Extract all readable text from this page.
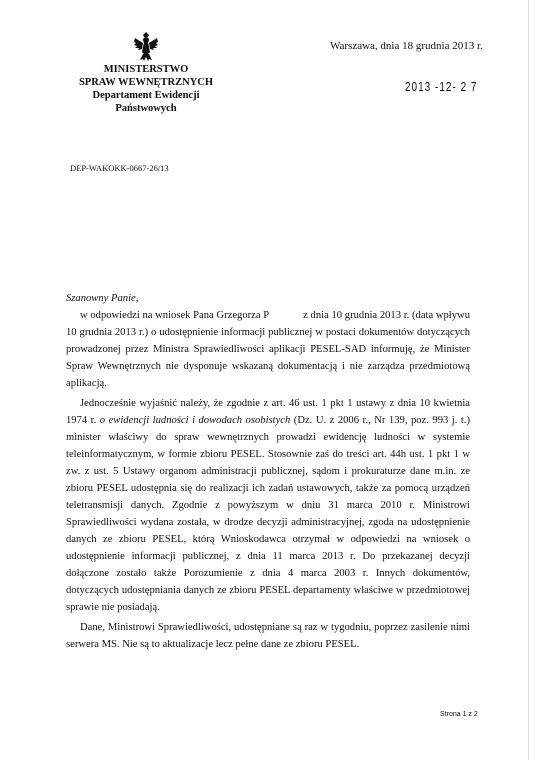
MINISTERSTWO
SPRAW WEWNĘTRZNYCH
Departament Ewidencji
Państwowych
Warszawa, dnia 18 grudnia 2013 r.
2013 -12- 2 7
DEP-WAKOKK-0667-26/13

Szanowny Panie,

w odpowiedzi na wniosek Pana Grzegorza P	z dnia 10 grudnia 2013 r. (data wpływu 10 grudnia 2013 r.) o udostępnienie informacji publicznej w postaci dokumentów dotyczących prowadzonej przez Ministra Sprawiedliwości aplikacji PESEL-SAD informuję, że Minister Spraw Wewnętrznych nie dysponuje wskazaną dokumentacją i nie zarządza przedmiotową aplikacją.

Jednocześnie wyjaśnić należy, że zgodnie z art. 46 ust. 1 pkt 1 ustawy z dnia 10 kwietnia 1974 r. o ewidencji ludności i dowodach osobistych (Dz. U. z 2006 r., Nr 139, poz. 993 j. t.) minister właściwy do spraw wewnętrznych prowadzi ewidencję ludności w systemie teleinformatycznym, w formie zbioru PESEL. Stosownie zaś do treści art. 44h ust. 1 pkt 1 w zw. z ust. 5 Ustawy organom administracji publicznej, sądom i prokuraturze dane m.in. ze zbioru PESEL udostępnia się do realizacji ich zadań ustawowych, także za pomocą urządzeń teletransmisji danych. Zgodnie z powyższym w dniu 31 marca 2010 r. Ministrowi Sprawiedliwości wydana została, w drodze decyzji administracyjnej, zgoda na udostępnienie danych ze zbioru PESEL, którą Wnioskodawca otrzymał w odpowiedzi na wniosek o udostępnienie informacji publicznej, z dnia 11 marca 2013 r. Do przekazanej decyzji dołączone zostało także Porozumienie z dnia 4 marca 2003 r. Innych dokumentów, dotyczących udostępniania danych ze zbioru PESEL departamenty właściwe w przedmiotowej sprawie nie posiadają.

Dane, Ministrowi Sprawiedliwości, udostępniane są raz w tygodniu, poprzez zasilenie nimi serwera MS. Nie są to aktualizacje lecz pełne dane ze zbioru PESEL.

Strona 1 z 2
